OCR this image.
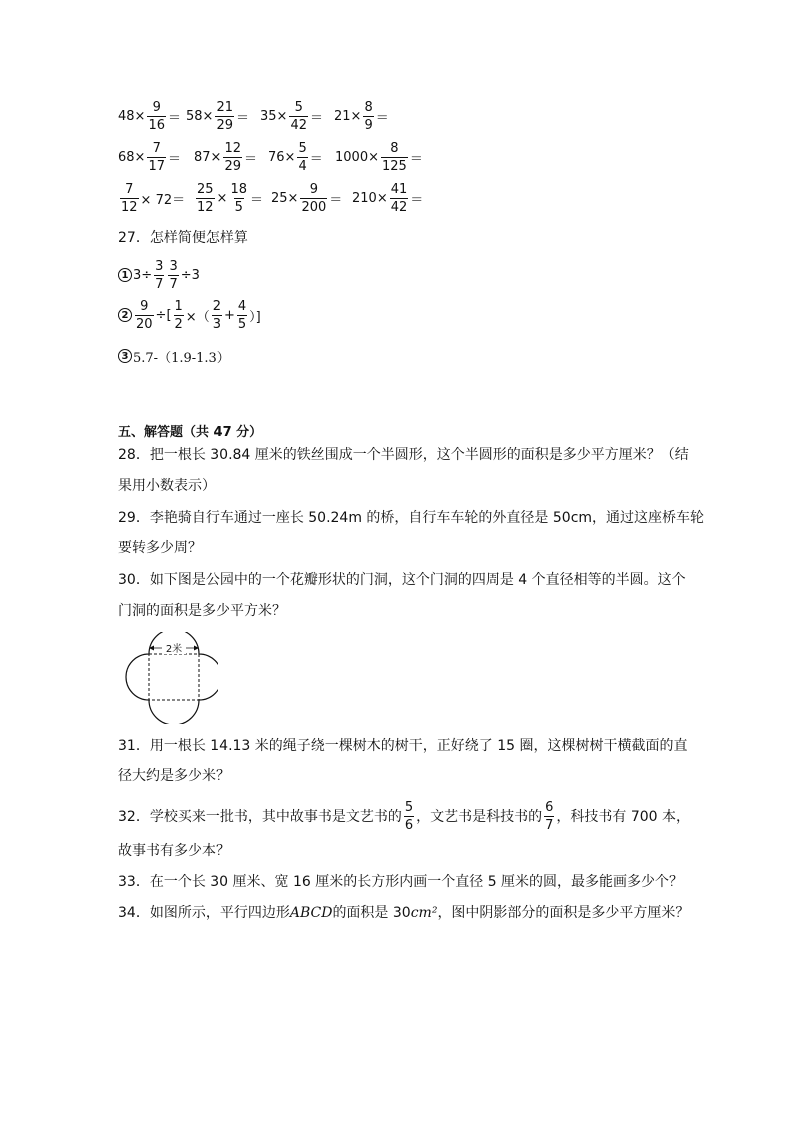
$48\times \frac{9}{16} = 58\times \frac{21}{29} = 35\times \frac{5}{42} = 21\times \frac{8}{9}$ ＝
$68\times \frac{7}{17} = 87\times \frac{12}{29} = 76\times \frac{5}{4} = 1000\times \frac{8}{125}$ ＝
$\frac{7}{12} \times 72= \frac{25}{12} \times \frac{18}{5} = 25\times \frac{9}{200} = 210\times \frac{41}{42}$ ＝
27．怎样简便怎样算
1 $3\div \frac{3}{7} \frac{3}{7} \div 3$
$2 \frac{9}{20}$ ÷[ $\frac{1}{2}$ ×（ $\frac{2}{3} + \frac{4}{5}$ ）]
3 5.7-（1.9-1.3）
五、解答题（共 47 分）
28．把一根长 30.84 厘米的铁丝围成一个半圆形，这个半圆形的面积是多少平方厘米？（结
果用小数表示）
29．李艳骑自行车通过一座长 50.24m 的桥，自行车车轮的外直径是 50cm，通过这座桥车轮
要转多少周？
30．如下图是公园中的一个花瓣形状的门洞，这个门洞的四周是 4 个直径相等的半圆。这个
门洞的面积是多少平方米？
2米
31．用一根长 14.13 米的绳子绕一棵树木的树干，正好绕了 15 圈，这棵树树干横截面的直
径大约是多少米？
32．学校买来一批书，其中故事书是文艺书的 $\frac{5}{6}$ ，文艺书是科技书的 $\frac{6}{7}$ ，科技书有 700 本，
故事书有多少本？
33．在一个长 30 厘米、宽 16 厘米的长方形内画一个直径 5 厘米的圆，最多能画多少个？
34．如图所示，平行四边形ABCD的面积是 30cm²，图中阴影部分的面积是多少平方厘米？
